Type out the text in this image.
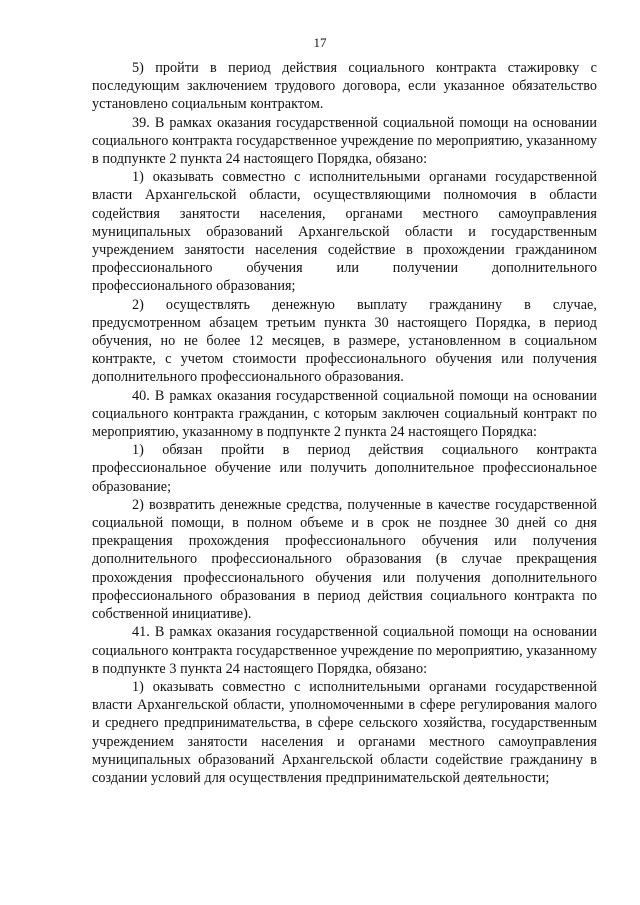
17

5) пройти в период действия социального контракта стажировку с последующим заключением трудового договора, если указанное обязательство установлено социальным контрактом.

39. В рамках оказания государственной социальной помощи на основании социального контракта государственное учреждение по мероприятию, указанному в подпункте 2 пункта 24 настоящего Порядка, обязано:

1) оказывать совместно с исполнительными органами государственной власти Архангельской области, осуществляющими полномочия в области содействия занятости населения, органами местного самоуправления муниципальных образований Архангельской области и государственным учреждением занятости населения содействие в прохождении гражданином профессионального обучения или получении дополнительного профессионального образования;

2) осуществлять денежную выплату гражданину в случае, предусмотренном абзацем третьим пункта 30 настоящего Порядка, в период обучения, но не более 12 месяцев, в размере, установленном в социальном контракте, с учетом стоимости профессионального обучения или получения дополнительного профессионального образования.

40. В рамках оказания государственной социальной помощи на основании социального контракта гражданин, с которым заключен социальный контракт по мероприятию, указанному в подпункте 2 пункта 24 настоящего Порядка:

1) обязан пройти в период действия социального контракта профессиональное обучение или получить дополнительное профессиональное образование;

2) возвратить денежные средства, полученные в качестве государственной социальной помощи, в полном объеме и в срок не позднее 30 дней со дня прекращения прохождения профессионального обучения или получения дополнительного профессионального образования (в случае прекращения прохождения профессионального обучения или получения дополнительного профессионального образования в период действия социального контракта по собственной инициативе).

41. В рамках оказания государственной социальной помощи на основании социального контракта государственное учреждение по мероприятию, указанному в подпункте 3 пункта 24 настоящего Порядка, обязано:

1) оказывать совместно с исполнительными органами государственной власти Архангельской области, уполномоченными в сфере регулирования малого и среднего предпринимательства, в сфере сельского хозяйства, государственным учреждением занятости населения и органами местного самоуправления муниципальных образований Архангельской области содействие гражданину в создании условий для осуществления предпринимательской деятельности;
